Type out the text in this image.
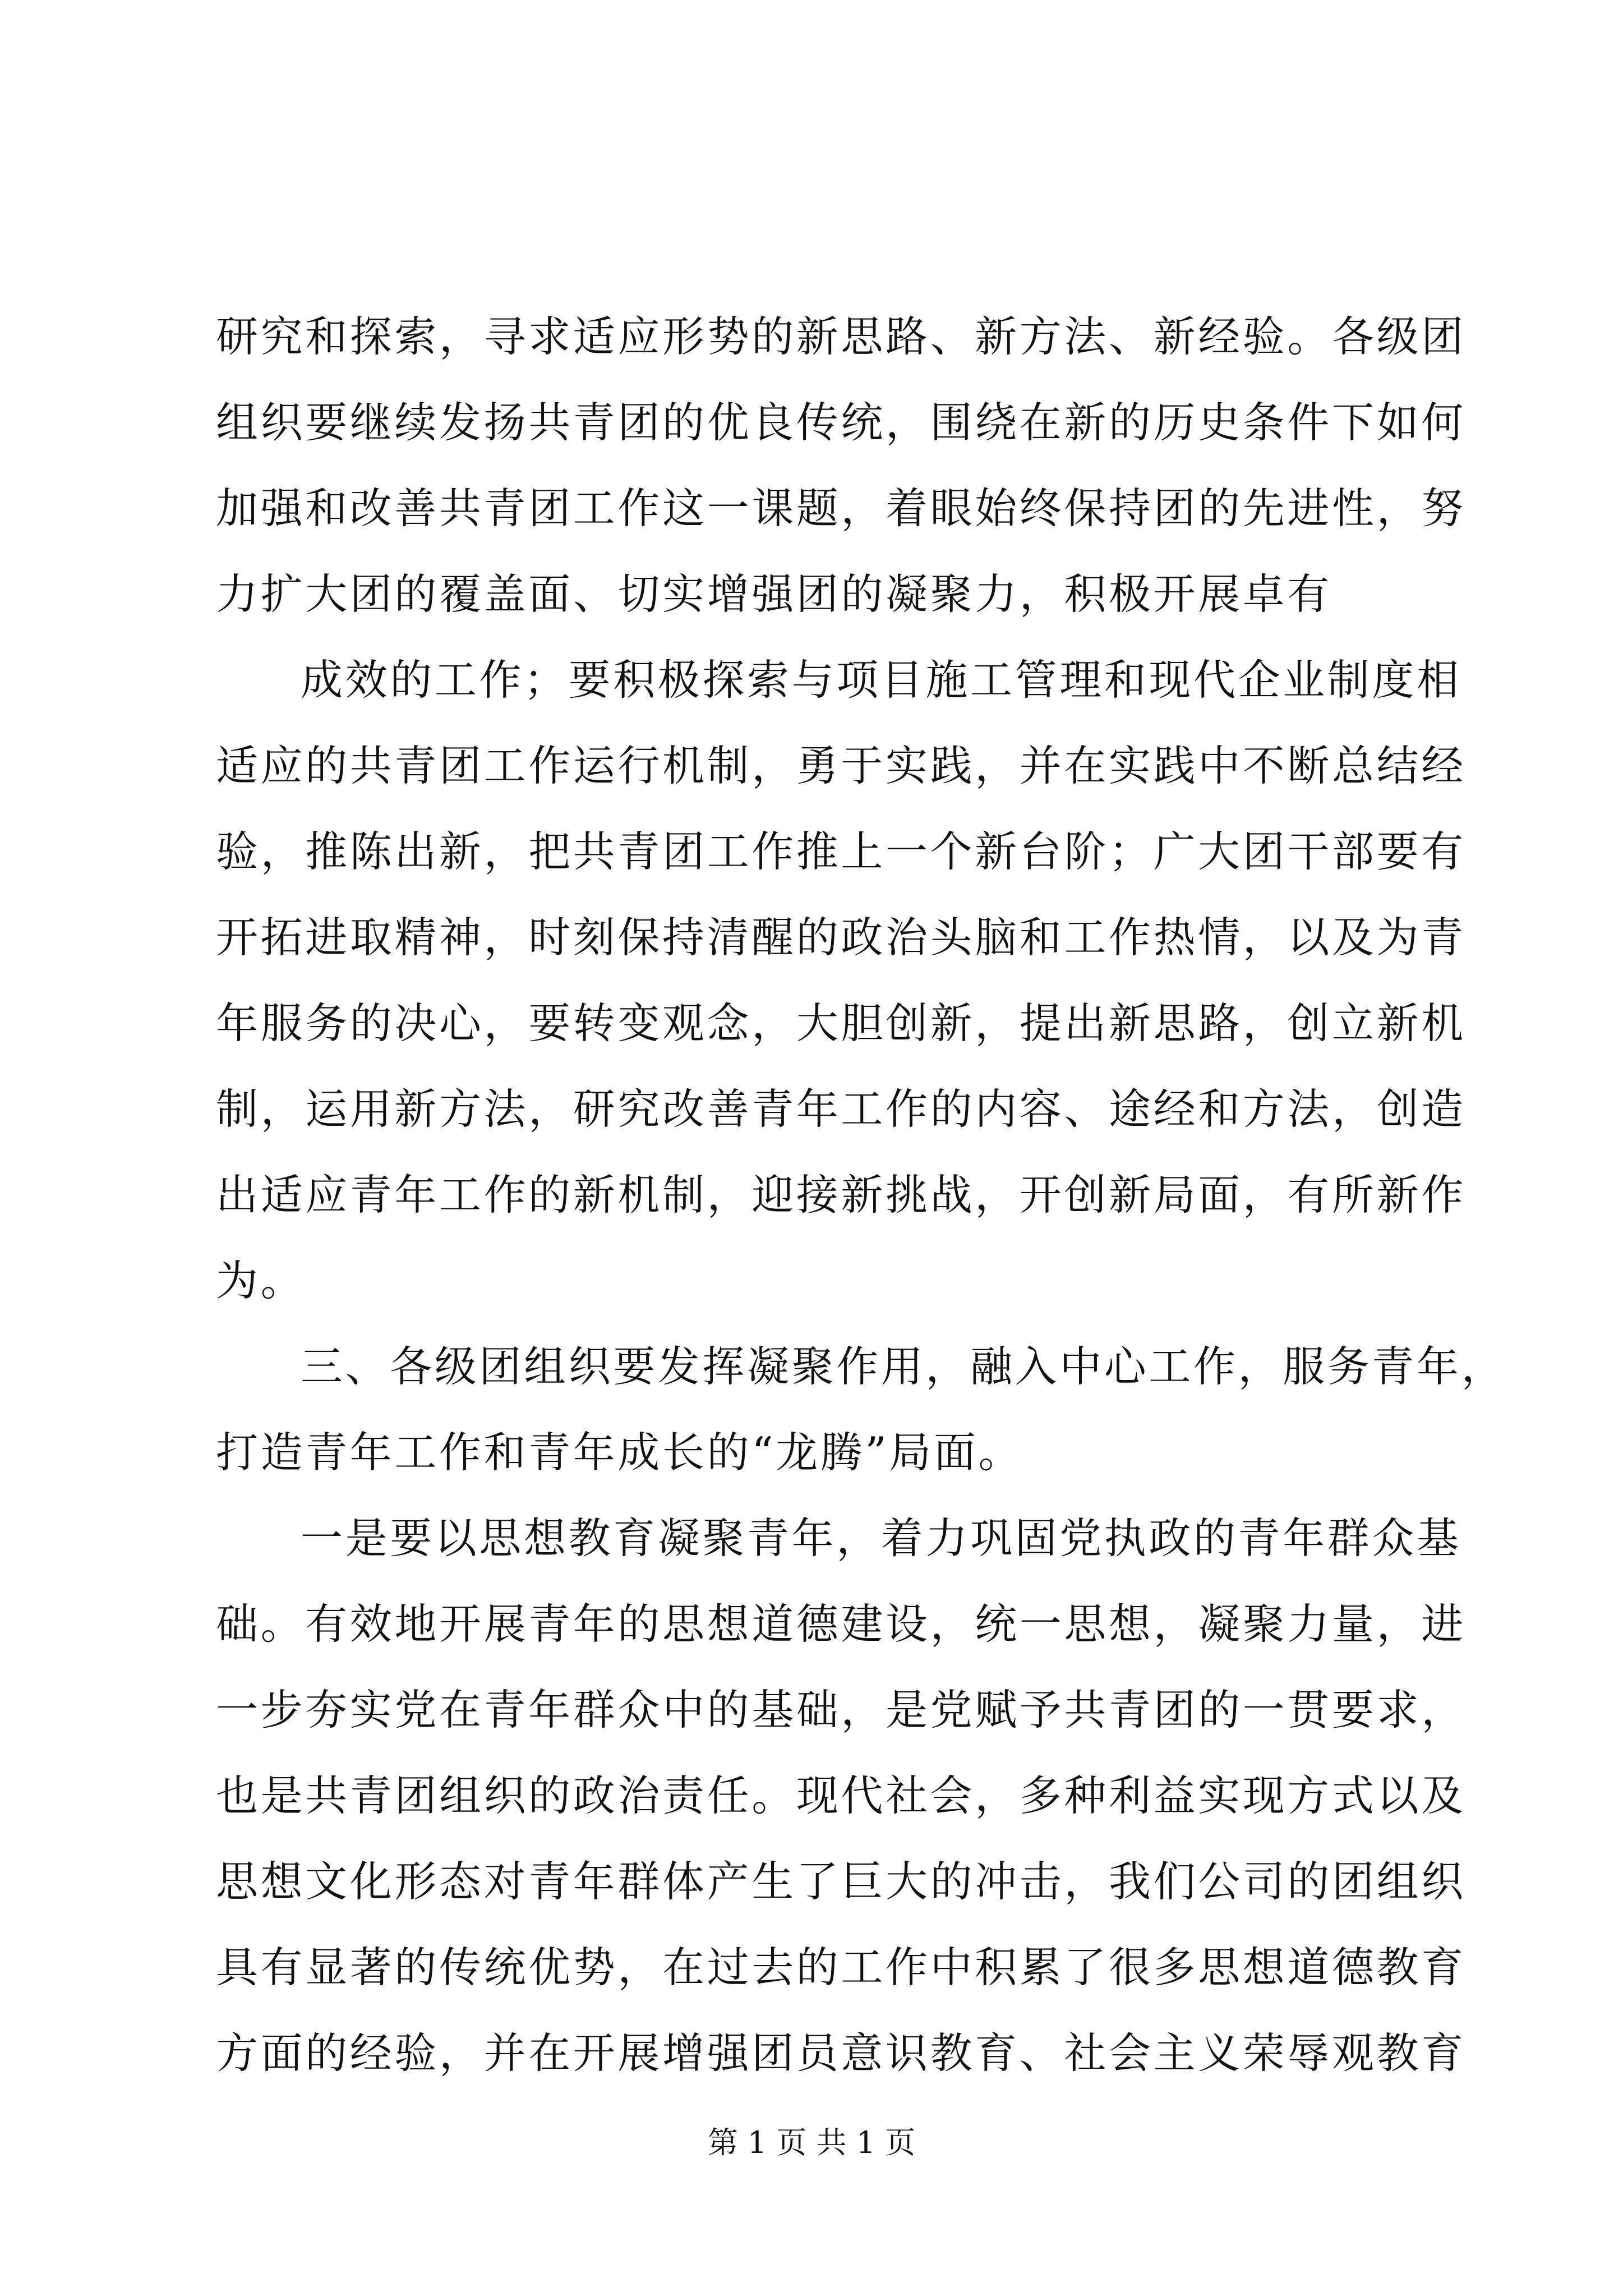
研究和探索，寻求适应形势的新思路、新方法、新经验。各级团
组织要继续发扬共青团的优良传统，围绕在新的历史条件下如何
加强和改善共青团工作这一课题，着眼始终保持团的先进性，努
力扩大团的覆盖面、切实增强团的凝聚力，积极开展卓有
成效的工作；要积极探索与项目施工管理和现代企业制度相
适应的共青团工作运行机制，勇于实践，并在实践中不断总结经
验，推陈出新，把共青团工作推上一个新台阶；广大团干部要有
开拓进取精神，时刻保持清醒的政治头脑和工作热情，以及为青
年服务的决心，要转变观念，大胆创新，提出新思路，创立新机
制，运用新方法，研究改善青年工作的内容、途经和方法，创造
出适应青年工作的新机制，迎接新挑战，开创新局面，有所新作
为。
三、各级团组织要发挥凝聚作用，融入中心工作，服务青年，
打造青年工作和青年成长的“龙腾”局面。
一是要以思想教育凝聚青年，着力巩固党执政的青年群众基
础。有效地开展青年的思想道德建设，统一思想，凝聚力量，进
一步夯实党在青年群众中的基础，是党赋予共青团的一贯要求，
也是共青团组织的政治责任。现代社会，多种利益实现方式以及
思想文化形态对青年群体产生了巨大的冲击，我们公司的团组织
具有显著的传统优势，在过去的工作中积累了很多思想道德教育
方面的经验，并在开展增强团员意识教育、社会主义荣辱观教育
第 1 页 共 1 页
